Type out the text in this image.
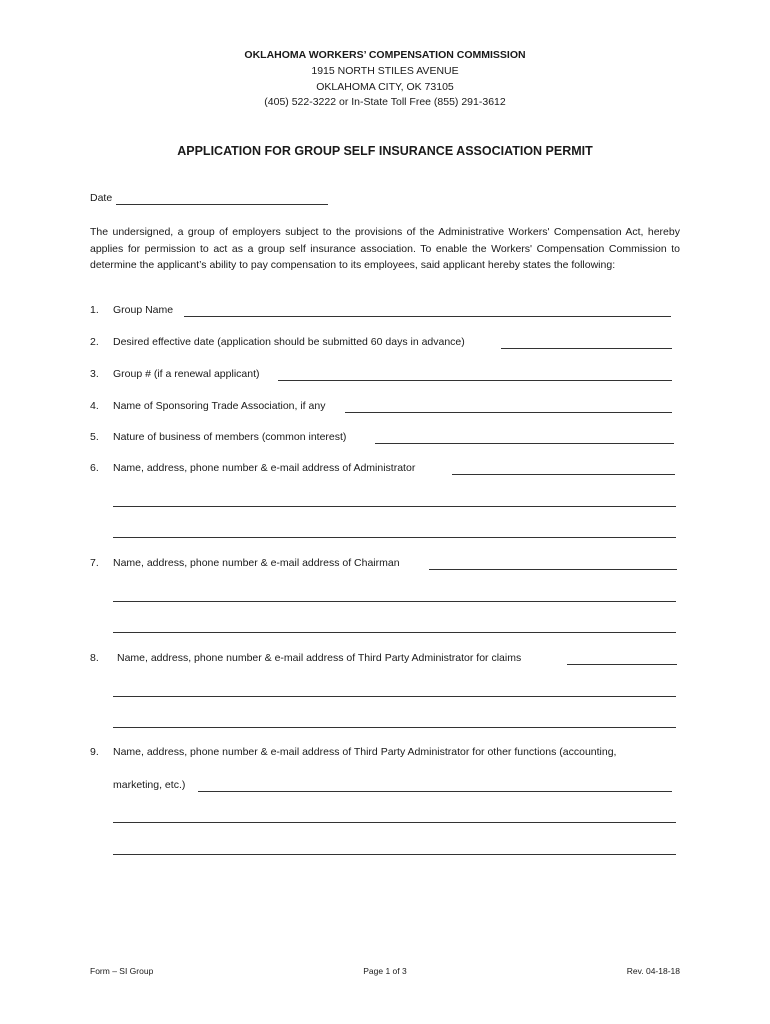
OKLAHOMA WORKERS’ COMPENSATION COMMISSION
1915 NORTH STILES AVENUE
OKLAHOMA CITY, OK 73105
(405) 522-3222 or In-State Toll Free (855) 291-3612
APPLICATION FOR GROUP SELF INSURANCE ASSOCIATION PERMIT
Date
The undersigned, a group of employers subject to the provisions of the Administrative Workers' Compensation Act, hereby applies for permission to act as a group self insurance association. To enable the Workers' Compensation Commission to determine the applicant’s ability to pay compensation to its employees, said applicant hereby states the following:
1. Group Name
2. Desired effective date (application should be submitted 60 days in advance)
3. Group # (if a renewal applicant)
4. Name of Sponsoring Trade Association, if any
5. Nature of business of members (common interest)
6. Name, address, phone number & e-mail address of Administrator
7. Name, address, phone number & e-mail address of Chairman
8. Name, address, phone number & e-mail address of Third Party Administrator for claims
9. Name, address, phone number & e-mail address of Third Party Administrator for other functions (accounting,
marketing, etc.)
Form – SI Group	Page 1 of 3	Rev. 04-18-18
